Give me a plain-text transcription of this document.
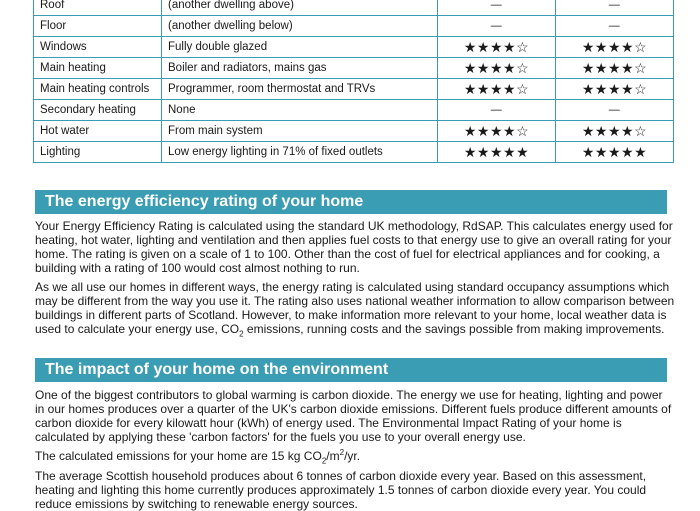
Roof	(another dwelling above)	—	—
Floor	(another dwelling below)	—	—
Windows	Fully double glazed	★★★★☆	★★★★☆
Main heating	Boiler and radiators, mains gas	★★★★☆	★★★★☆
Main heating controls	Programmer, room thermostat and TRVs	★★★★☆	★★★★☆
Secondary heating	None	—	—
Hot water	From main system	★★★★☆	★★★★☆
Lighting	Low energy lighting in 71% of fixed outlets	★★★★★	★★★★★
The energy efficiency rating of your home

Your Energy Efficiency Rating is calculated using the standard UK methodology, RdSAP. This calculates energy used for heating, hot water, lighting and ventilation and then applies fuel costs to that energy use to give an overall rating for your home. The rating is given on a scale of 1 to 100. Other than the cost of fuel for electrical appliances and for cooking, a building with a rating of 100 would cost almost nothing to run.

As we all use our homes in different ways, the energy rating is calculated using standard occupancy assumptions which may be different from the way you use it. The rating also uses national weather information to allow comparison between buildings in different parts of Scotland. However, to make information more relevant to your home, local weather data is used to calculate your energy use, $CO_2$ emissions, running costs and the savings possible from making improvements.

The impact of your home on the environment

One of the biggest contributors to global warming is carbon dioxide. The energy we use for heating, lighting and power in our homes produces over a quarter of the UK's carbon dioxide emissions. Different fuels produce different amounts of carbon dioxide for every kilowatt hour (kWh) of energy used. The Environmental Impact Rating of your home is calculated by applying these 'carbon factors' for the fuels you use to your overall energy use.

The calculated emissions for your home are 15 kg $CO_2/m^2/yr$.

The average Scottish household produces about 6 tonnes of carbon dioxide every year. Based on this assessment, heating and lighting this home currently produces approximately 1.5 tonnes of carbon dioxide every year. You could reduce emissions by switching to renewable energy sources.
